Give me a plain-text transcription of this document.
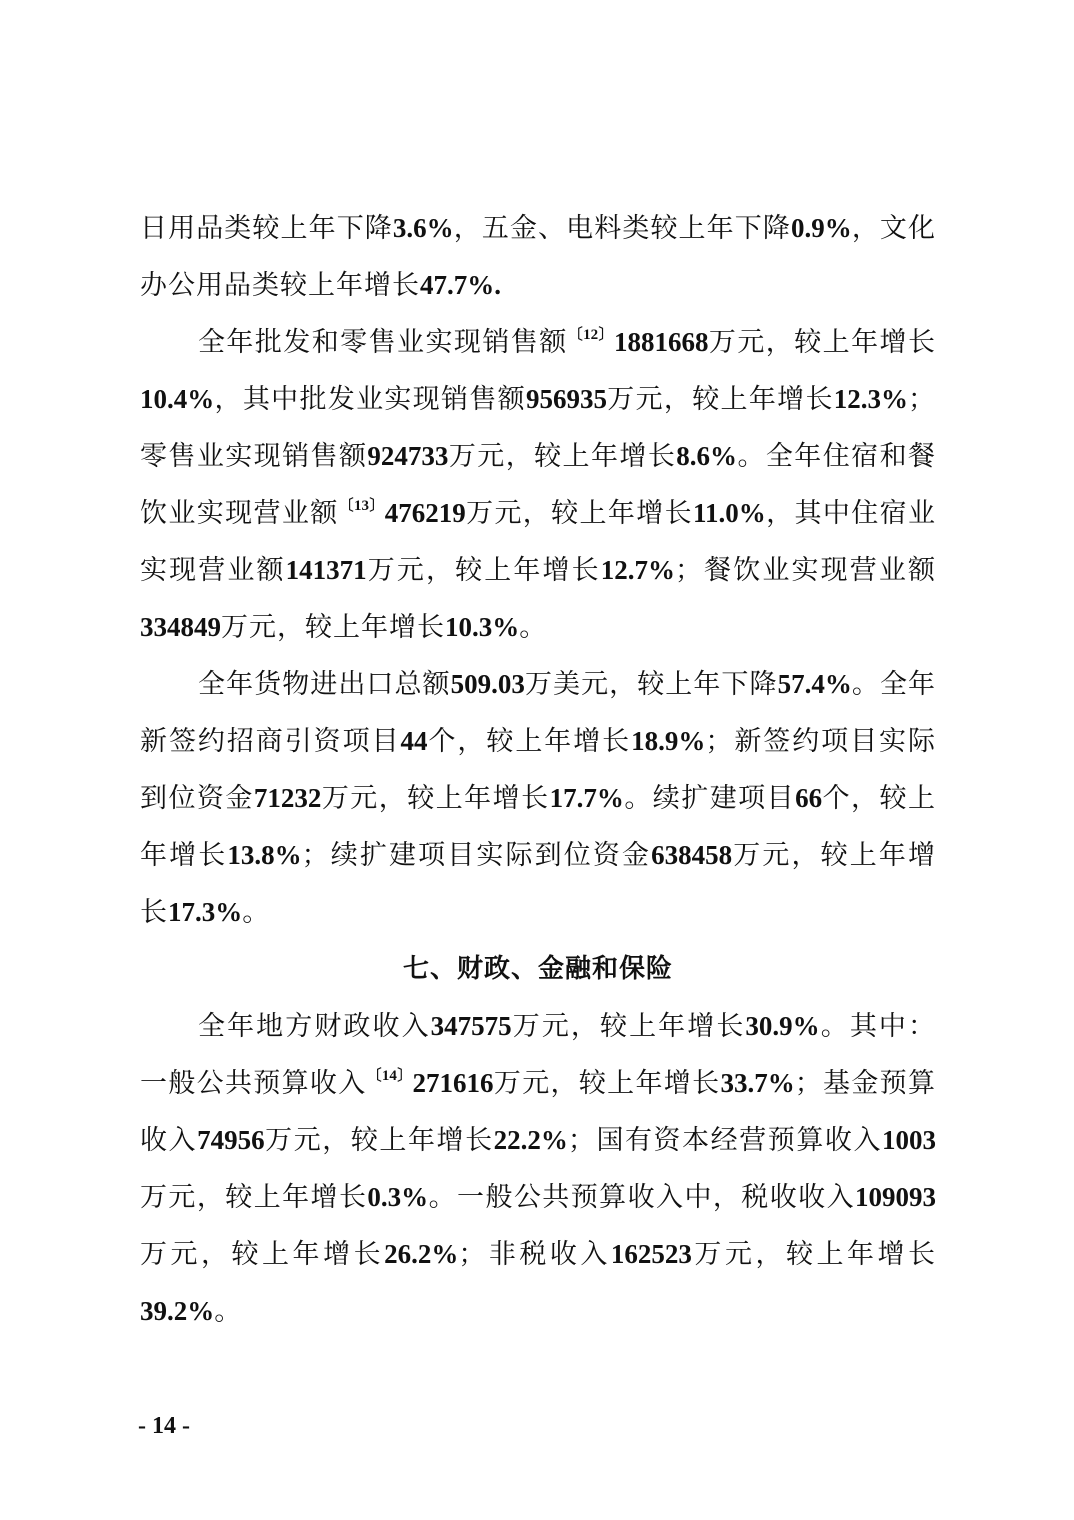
日用品类较上年下降3.6%，五金、电料类较上年下降0.9%，文化办公用品类较上年增长47.7%.

全年批发和零售业实现销售额$^{〔12〕}$1881668万元，较上年增长10.4%，其中批发业实现销售额956935万元，较上年增长12.3%；零售业实现销售额924733万元，较上年增长8.6%。全年住宿和餐饮业实现营业额$^{〔13〕}$476219万元，较上年增长11.0%，其中住宿业实现营业额141371万元，较上年增长12.7%；餐饮业实现营业额334849万元，较上年增长10.3%。

全年货物进出口总额509.03万美元，较上年下降57.4%。全年新签约招商引资项目44个，较上年增长18.9%；新签约项目实际到位资金71232万元，较上年增长17.7%。续扩建项目66个，较上年增长13.8%；续扩建项目实际到位资金638458万元，较上年增长17.3%。

七、财政、金融和保险

全年地方财政收入347575万元，较上年增长30.9%。其中：一般公共预算收入$^{〔14〕}$271616万元，较上年增长33.7%；基金预算收入74956万元，较上年增长22.2%；国有资本经营预算收入1003万元，较上年增长0.3%。一般公共预算收入中，税收收入109093万元，较上年增长26.2%；非税收入162523万元，较上年增长39.2%。

- 14 -
